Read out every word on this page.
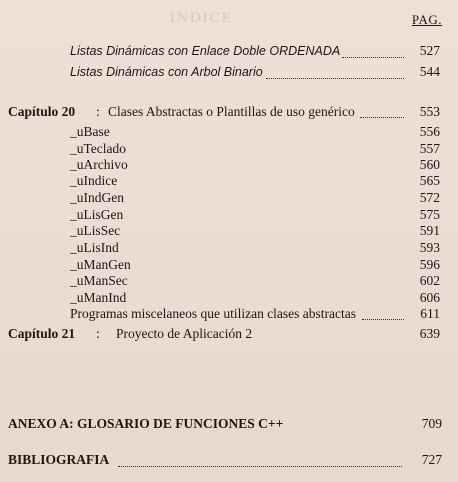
INDICE	PAG.
Listas Dinámicas con Enlace Doble ORDENADA	527
Listas Dinámicas con Arbol Binario	544
Capítulo 20 : Clases Abstractas o Plantillas de uso genérico	553
_uBase	556
_uTeclado	557
_uArchivo	560
_uIndice	565
_uIndGen	572
_uLisGen	575
_uLisSec	591
_uLisInd	593
_uManGen	596
_uManSec	602
_uManInd	606
Programas miscelaneos que utilizan clases abstractas	611
Capítulo 21 : Proyecto de Aplicación 2	639
ANEXO A: GLOSARIO DE FUNCIONES C++	709
BIBLIOGRAFIA	727
